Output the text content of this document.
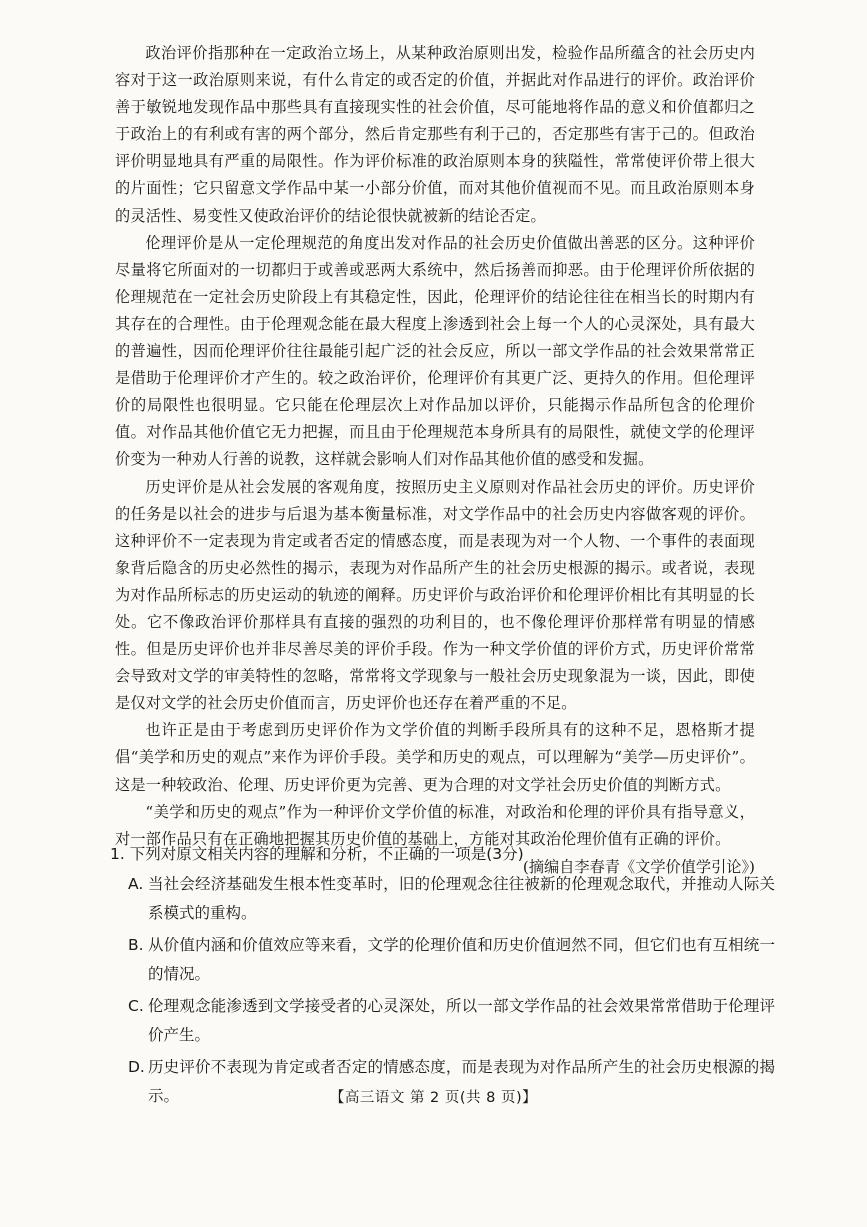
政治评价指那种在一定政治立场上，从某种政治原则出发，检验作品所蕴含的社会历史内容对于这一政治原则来说，有什么肯定的或否定的价值，并据此对作品进行的评价。政治评价善于敏锐地发现作品中那些具有直接现实性的社会价值，尽可能地将作品的意义和价值都归之于政治上的有利或有害的两个部分，然后肯定那些有利于己的，否定那些有害于己的。但政治评价明显地具有严重的局限性。作为评价标准的政治原则本身的狭隘性，常常使评价带上很大的片面性；它只留意文学作品中某一小部分价值，而对其他价值视而不见。而且政治原则本身的灵活性、易变性又使政治评价的结论很快就被新的结论否定。

伦理评价是从一定伦理规范的角度出发对作品的社会历史价值做出善恶的区分。这种评价尽量将它所面对的一切都归于或善或恶两大系统中，然后扬善而抑恶。由于伦理评价所依据的伦理规范在一定社会历史阶段上有其稳定性，因此，伦理评价的结论往往在相当长的时期内有其存在的合理性。由于伦理观念能在最大程度上渗透到社会上每一个人的心灵深处，具有最大的普遍性，因而伦理评价往往最能引起广泛的社会反应，所以一部文学作品的社会效果常常正是借助于伦理评价才产生的。较之政治评价，伦理评价有其更广泛、更持久的作用。但伦理评价的局限性也很明显。它只能在伦理层次上对作品加以评价，只能揭示作品所包含的伦理价值。对作品其他价值它无力把握，而且由于伦理规范本身所具有的局限性，就使文学的伦理评价变为一种劝人行善的说教，这样就会影响人们对作品其他价值的感受和发掘。

历史评价是从社会发展的客观角度，按照历史主义原则对作品社会历史的评价。历史评价的任务是以社会的进步与后退为基本衡量标准，对文学作品中的社会历史内容做客观的评价。这种评价不一定表现为肯定或者否定的情感态度，而是表现为对一个人物、一个事件的表面现象背后隐含的历史必然性的揭示，表现为对作品所产生的社会历史根源的揭示。或者说，表现为对作品所标志的历史运动的轨迹的阐释。历史评价与政治评价和伦理评价相比有其明显的长处。它不像政治评价那样具有直接的强烈的功利目的，也不像伦理评价那样常有明显的情感性。但是历史评价也并非尽善尽美的评价手段。作为一种文学价值的评价方式，历史评价常常会导致对文学的审美特性的忽略，常常将文学现象与一般社会历史现象混为一谈，因此，即使是仅对文学的社会历史价值而言，历史评价也还存在着严重的不足。

也许正是由于考虑到历史评价作为文学价值的判断手段所具有的这种不足，恩格斯才提倡“美学和历史的观点”来作为评价手段。美学和历史的观点，可以理解为“美学—历史评价”。这是一种较政治、伦理、历史评价更为完善、更为合理的对文学社会历史价值的判断方式。

“美学和历史的观点”作为一种评价文学价值的标准，对政治和伦理的评价具有指导意义，对一部作品只有在正确地把握其历史价值的基础上，方能对其政治伦理价值有正确的评价。

(摘编自李春青《文学价值学引论》)

1. 下列对原文相关内容的理解和分析，不正确的一项是(3分)

A. 当社会经济基础发生根本性变革时，旧的伦理观念往往被新的伦理观念取代，并推动人际关系模式的重构。
B. 从价值内涵和价值效应等来看，文学的伦理价值和历史价值迥然不同，但它们也有互相统一的情况。
C. 伦理观念能渗透到文学接受者的心灵深处，所以一部文学作品的社会效果常常借助于伦理评价产生。
D. 历史评价不表现为肯定或者否定的情感态度，而是表现为对作品所产生的社会历史根源的揭示。	【高三语文 第 2 页(共 8 页)】
